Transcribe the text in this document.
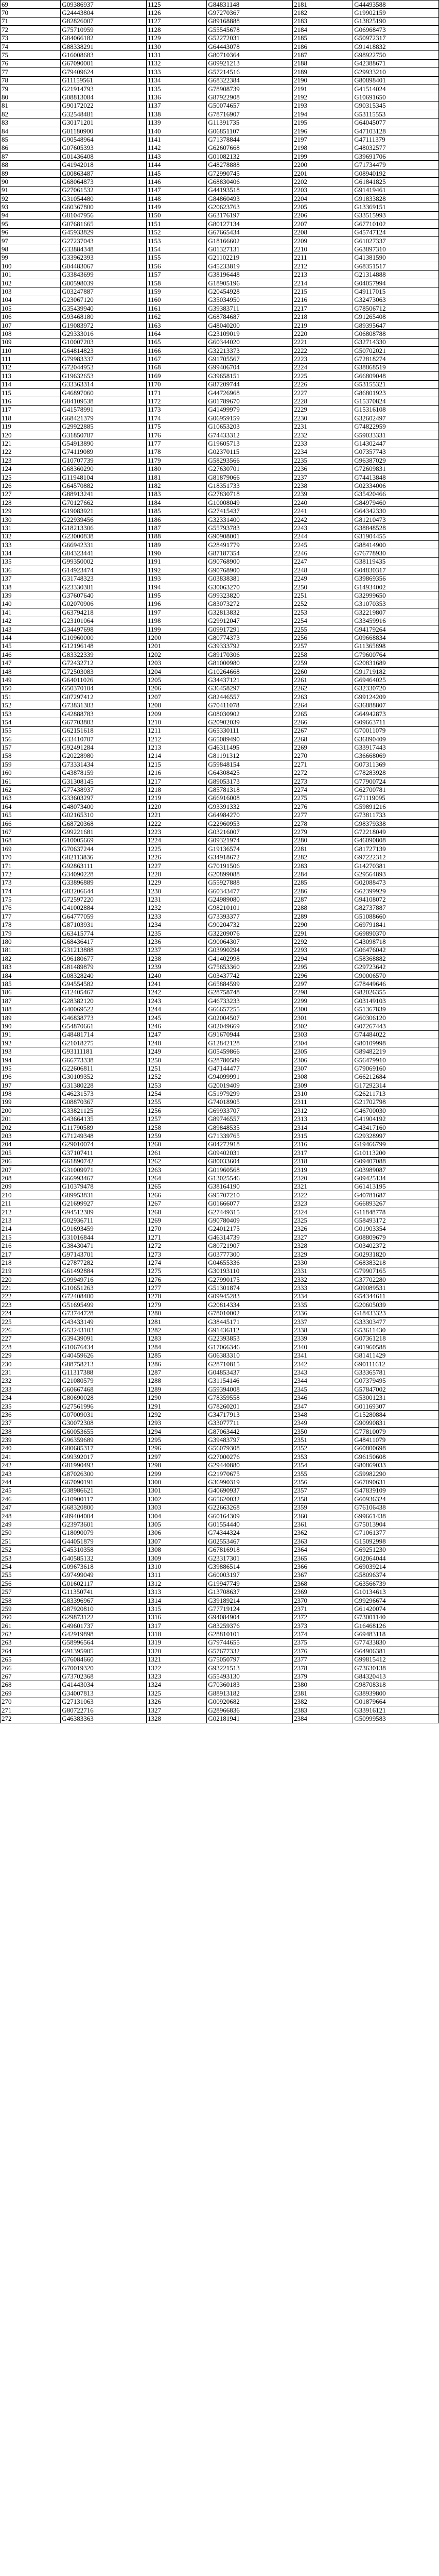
69	G09386937	1125	G84831148	2181	G44493588
70	G24443804	1126	G97270367	2182	G19902159
71	G82826007	1127	G89168888	2183	G13825190
72	G75710959	1128	G55545678	2184	G06968473
73	G84066182	1129	G52272031	2185	G50972317
74	G88338291	1130	G64443078	2186	G91418832
75	G16008683	1131	G80710364	2187	G98922750
76	G67090001	1132	G09921213	2188	G42388671
77	G79409624	1133	G57214516	2189	G29933210
78	G11159561	1134	G68322384	2190	G80898401
79	G21914793	1135	G78908739	2191	G41514024
80	G08813084	1136	G87922908	2192	G10691650
81	G90172022	1137	G50074657	2193	G90315345
82	G32548481	1138	G78716907	2194	G53115553
83	G30171201	1139	G11391735	2195	G64045077
84	G01180900	1140	G06851107	2196	G47103128
85	G90548964	1141	G71378844	2197	G47111379
86	G07605393	1142	G62607668	2198	G48032577
87	G01436408	1143	G01082132	2199	G39691706
88	G41942018	1144	G48278888	2200	G71734479
89	G00863487	1145	G72990745	2201	G08940192
90	G68064873	1146	G68830406	2202	G61841825
91	G27061532	1147	G44193518	2203	G91419461
92	G31054480	1148	G84860493	2204	G91833828
93	G60367800	1149	G20623763	2205	G13369151
94	G81047956	1150	G63176197	2206	G33515993
95	G07681665	1151	G80127134	2207	G67710102
96	G45933829	1152	G67665434	2208	G45747124
97	G27237043	1153	G18166602	2209	G61027337
98	G33884348	1154	G01327131	2210	G63897310
99	G33962393	1155	G21102219	2211	G41381590
100	G04483067	1156	G45233819	2212	G68351517
101	G33843699	1157	G38196448	2213	G21314888
102	G00598039	1158	G18905196	2214	G04057994
103	G03247887	1159	G20454928	2215	G49117015
104	G23067120	1160	G35034950	2216	G32473063
105	G35439940	1161	G39383711	2217	G78506712
106	G93468180	1162	G68784687	2218	G91265408
107	G19083972	1163	G48040200	2219	G89395647
108	G29333016	1164	G23109019	2220	G06808788
109	G10007203	1165	G60344020	2221	G32714330
110	G64814823	1166	G32213373	2222	G50702021
111	G79983337	1167	G91705567	2223	G72818274
112	G72044953	1168	G99406704	2224	G38868519
113	G19632653	1169	G39658151	2225	G66809048
114	G33363314	1170	G87209744	2226	G53155321
115	G46897060	1171	G44726968	2227	G86801923
116	G84109538	1172	G01789670	2228	G15370824
117	G41578991	1173	G41499979	2229	G15316108
118	G68421379	1174	G06959159	2230	G32602497
119	G29922885	1175	G10653203	2231	G74822959
120	G31850787	1176	G74433312	2232	G59033331
121	G54913890	1177	G19605713	2233	G14302447
122	G74119089	1178	G02370115	2234	G07357743
123	G10707739	1179	G58293566	2235	G96387029
124	G68360290	1180	G27630701	2236	G72609831
125	G11948104	1181	G81879066	2237	G74413848
126	G64570882	1182	G18351733	2238	G02334006
127	G88913241	1183	G27830718	2239	G35420466
128	G70127662	1184	G10008049	2240	G84979460
129	G19083921	1185	G27415437	2241	G64342330
130	G22939456	1186	G32331400	2242	G81210473
131	G18213306	1187	G55793783	2243	G38848528
132	G23000838	1188	G90908001	2244	G31904455
133	G66942331	1189	G28491779	2245	G88414900
134	G84323441	1190	G87187354	2246	G76778930
135	G99350002	1191	G90768900	2247	G38119435
136	G14923474	1192	G90768900	2248	G04830317
137	G31748323	1193	G03838381	2249	G39869356
138	G23330381	1194	G30063270	2250	G14934002
139	G37607640	1195	G99323820	2251	G32999650
140	G02070906	1196	G83073272	2252	G31070353
141	G63794218	1197	G32813832	2253	G32219807
142	G23101064	1198	G29912047	2254	G33459916
143	G34497698	1199	G09917291	2255	G94179264
144	G10960000	1200	G80774373	2256	G09668834
145	G12196148	1201	G39333792	2257	G11365898
146	G83322339	1202	G89170306	2258	G79600764
147	G72432712	1203	G81000980	2259	G20831689
148	G72503083	1204	G10264668	2260	G91719182
149	G64011026	1205	G34437121	2261	G69464025
150	G50370104	1206	G36458297	2262	G32330720
151	G07297412	1207	G82446557	2263	G99124209
152	G73831383	1208	G70411078	2264	G36888807
153	G42888783	1209	G08030902	2265	G64942873
154	G67703803	1210	G20902039	2266	G09663711
155	G62151618	1211	G65330111	2267	G70011079
156	G33410707	1212	G65089490	2268	G36890409
157	G92491284	1213	G46311495	2269	G33917443
158	G20228980	1214	G81191312	2270	G36668069
159	G73331434	1215	G59848154	2271	G07311369
160	G43878159	1216	G64308425	2272	G78283928
161	G31308145	1217	G89053173	2273	G77900724
162	G77438937	1218	G85781318	2274	G62700781
163	G33603297	1219	G66916008	2275	G71119095
164	G48073400	1220	G93391332	2276	G59891216
165	G02165310	1221	G64984270	2277	G73811733
166	G68720368	1222	G22960953	2278	G98379338
167	G99221681	1223	G03216007	2279	G72218049
168	G10005669	1224	G09321974	2280	G46090808
169	G70637244	1225	G19136574	2281	G81727139
170	G82113836	1226	G34918672	2282	G97222312
171	G92863111	1227	G70191506	2283	G14270381
172	G34090228	1228	G20899088	2284	G29564893
173	G33896889	1229	G55927888	2285	G02088473
174	G83206644	1230	G60343477	2286	G62399929
175	G72597220	1231	G24989080	2287	G94108072
176	G41002884	1232	G98210101	2288	G82737887
177	G64777059	1233	G73393377	2289	G51088660
178	G87103931	1234	G90204732	2290	G69791841
179	G63415774	1235	G32209076	2291	G69890370
180	G68436417	1236	G90064307	2292	G43098718
181	G31213888	1237	G03990294	2293	G06476042
182	G96180677	1238	G41402998	2294	G58368882
183	G81489879	1239	G75653360	2295	G29723642
184	G08328240	1240	G03437742	2296	G90006570
185	G94554582	1241	G65884599	2297	G78449646
186	G12405467	1242	G28758748	2298	G82026355
187	G28382120	1243	G46733233	2299	G03149103
188	G40069522	1244	G66657255	2300	G51367839
189	G46838773	1245	G02004507	2301	G60306120
190	G54870661	1246	G02049669	2302	G07267443
191	G48481714	1247	G91670944	2303	G74484022
192	G21018275	1248	G12842128	2304	G80109998
193	G93111181	1249	G05459866	2305	G89482219
194	G66773338	1250	G28780589	2306	G56479910
195	G22606811	1251	G47144477	2307	G79069160
196	G30109352	1252	G94099991	2308	G66212684
197	G31380228	1253	G20019409	2309	G17292314
198	G46231573	1254	G51979299	2310	G26211713
199	G08870367	1255	G74018905	2311	G21702798
200	G33821125	1256	G69933707	2312	G46700030
201	G43664135	1257	G89746557	2313	G41904192
202	G11790589	1258	G89848535	2314	G43417160
203	G71249348	1259	G71339765	2315	G29328997
204	G29010074	1260	G04272918	2316	G19466799
205	G37107411	1261	G09402031	2317	G10113200
206	G61890742	1262	G80033604	2318	G09407088
207	G31009971	1263	G01960568	2319	G03989087
208	G66993467	1264	G13025546	2320	G09425134
209	G10379478	1265	G38164190	2321	G61413195
210	G89953831	1266	G95707210	2322	G40781687
211	G21699927	1267	G01666077	2323	G66893267
212	G94512389	1268	G27449315	2324	G11848778
213	G02936711	1269	G90780409	2325	G58493172
214	G91693459	1270	G24012175	2326	G01903354
215	G31016844	1271	G46314739	2327	G08809679
216	G38430471	1272	G80721907	2328	G03402372
217	G97143701	1273	G03777300	2329	G02931820
218	G27877282	1274	G04655336	2330	G68383218
219	G61492884	1275	G30193110	2331	G79907165
220	G99949716	1276	G27990175	2332	G37702280
221	G10651263	1277	G51301874	2333	G09089531
222	G72408400	1278	G09945283	2334	G54344611
223	G51695499	1279	G20814334	2335	G20605039
224	G73744728	1280	G78010002	2336	G18433323
225	G43433149	1281	G38445171	2337	G33303477
226	G53243103	1282	G91436112	2338	G53611430
227	G39439091	1283	G22393853	2339	G07361218
228	G10676434	1284	G17066346	2340	G01960588
229	G40459626	1285	G06383310	2341	G81411429
230	G88758213	1286	G28710815	2342	G90111612
231	G11317388	1287	G04853437	2343	G33365781
232	G21080579	1288	G31154146	2344	G07379495
233	G60667468	1289	G59394008	2345	G57847002
234	G80690028	1290	G78359558	2346	G53001231
235	G27561996	1291	G78260201	2347	G01169307
236	G07009031	1292	G34717913	2348	G15280884
237	G30072308	1293	G33077711	2349	G90990831
238	G60053655	1294	G87063442	2350	G77810079
239	G96359689	1295	G39483797	2351	G48411079
240	G80685317	1296	G56079308	2352	G60800698
241	G99392017	1297	G27000276	2353	G96150608
242	G81990493	1298	G29440880	2354	G80869033
243	G87026300	1299	G21970675	2355	G59982290
244	G67090191	1300	G36990319	2356	G67090631
245	G38986621	1301	G40690937	2357	G47839109
246	G10900117	1302	G65620032	2358	G60936324
247	G68320800	1303	G22663268	2359	G76106438
248	G89404004	1304	G60164309	2360	G99661438
249	G23973601	1305	G01554440	2361	G75013904
250	G18090079	1306	G74344324	2362	G71061377
251	G44051879	1307	G02553467	2363	G15092998
252	G45310358	1308	G67816918	2364	G69251230
253	G40585132	1309	G23317301	2365	G02064044
254	G09673618	1310	G39886514	2366	G69039214
255	G97499049	1311	G60003197	2367	G58096374
256	G01602117	1312	G19947749	2368	G63566739
257	G11350741	1313	G13708637	2369	G10134613
258	G83396967	1314	G39189214	2370	G99296674
259	G87920810	1315	G77719124	2371	G61420074
260	G29873122	1316	G94084904	2372	G73001140
261	G49601737	1317	G83259376	2373	G16468126
262	G42919898	1318	G28810101	2374	G69483118
263	G58996564	1319	G79744655	2375	G77433830
264	G91395905	1320	G57677332	2376	G64906381
265	G76084660	1321	G75050797	2377	G99815412
266	G70019320	1322	G93221513	2378	G73630138
267	G73702368	1323	G55493130	2379	G84320413
268	G41443034	1324	G70360183	2380	G98708318
269	G34007813	1325	G88913182	2381	G38939800
270	G27131063	1326	G00920682	2382	G01879664
271	G80722716	1327	G28966836	2383	G33916121
272	G46383363	1328	G02181941	2384	G50999583
